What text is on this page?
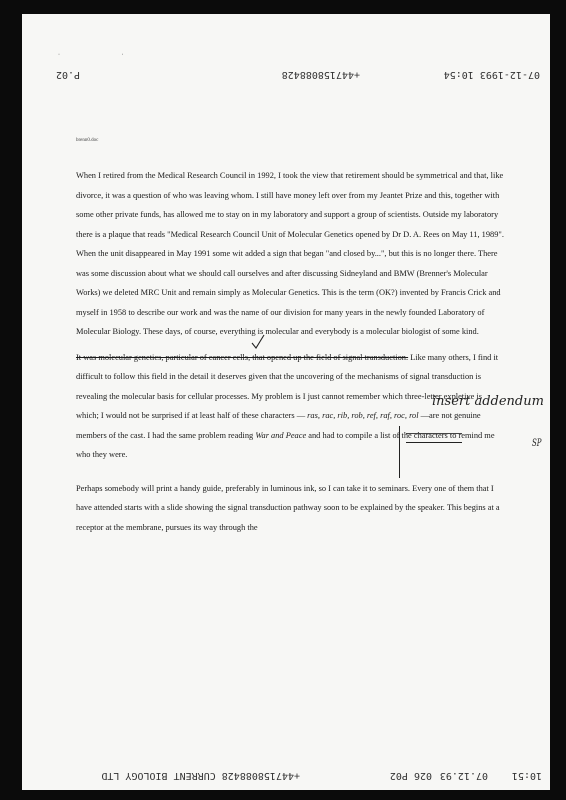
· ·
07-12-1993 10:54
+447158088428
P.02
brenn0.doc

When I retired from the Medical Research Council in 1992, I took the view that retirement should be symmetrical and that, like divorce, it was a question of who was leaving whom. I still have money left over from my Jeantet Prize and this, together with some other private funds, has allowed me to stay on in my laboratory and support a group of scientists. Outside my laboratory there is a plaque that reads "Medical Research Council Unit of Molecular Genetics opened by Dr D. A. Rees on May 11, 1989". When the unit disappeared in May 1991 some wit added a sign that began "and closed by...", but this is no longer there. There was some discussion about what we should call ourselves and after discussing Sidneyland and BMW (Brenner's Molecular Works) we deleted MRC Unit and remain simply as Molecular Genetics. This is the term (OK?) invented by Francis Crick and myself in 1958 to describe our work and was the name of our division for many years in the newly founded Laboratory of Molecular Biology. These days, of course, everything is molecular and everybody is a molecular biologist of some kind.

It was molecular genetics, particular of cancer cells, that opened up the field of signal transduction. Like many others, I find it difficult to follow this field in the detail it deserves given that the uncovering of the mechanisms of signal transduction is revealing the molecular basis for cellular processes. My problem is I just cannot remember which three-letter expletive is which; I would not be surprised if at least half of these characters — ras, rac, rib, rob, ref, raf, roc, rol —are not genuine members of the cast. I had the same problem reading War and Peace and had to compile a list of the characters to remind me who they were.

Perhaps somebody will print a handy guide, preferably in luminous ink, so I can take it to seminars. Every one of them that I have attended starts with a slide showing the signal transduction pathway soon to be explained by the speaker. This begins at a receptor at the membrane, pursues its way through the

insert addendum
SP
10:51
07.12.93
026 P02
+447158088428 CURRENT BIOLOGY LTD
